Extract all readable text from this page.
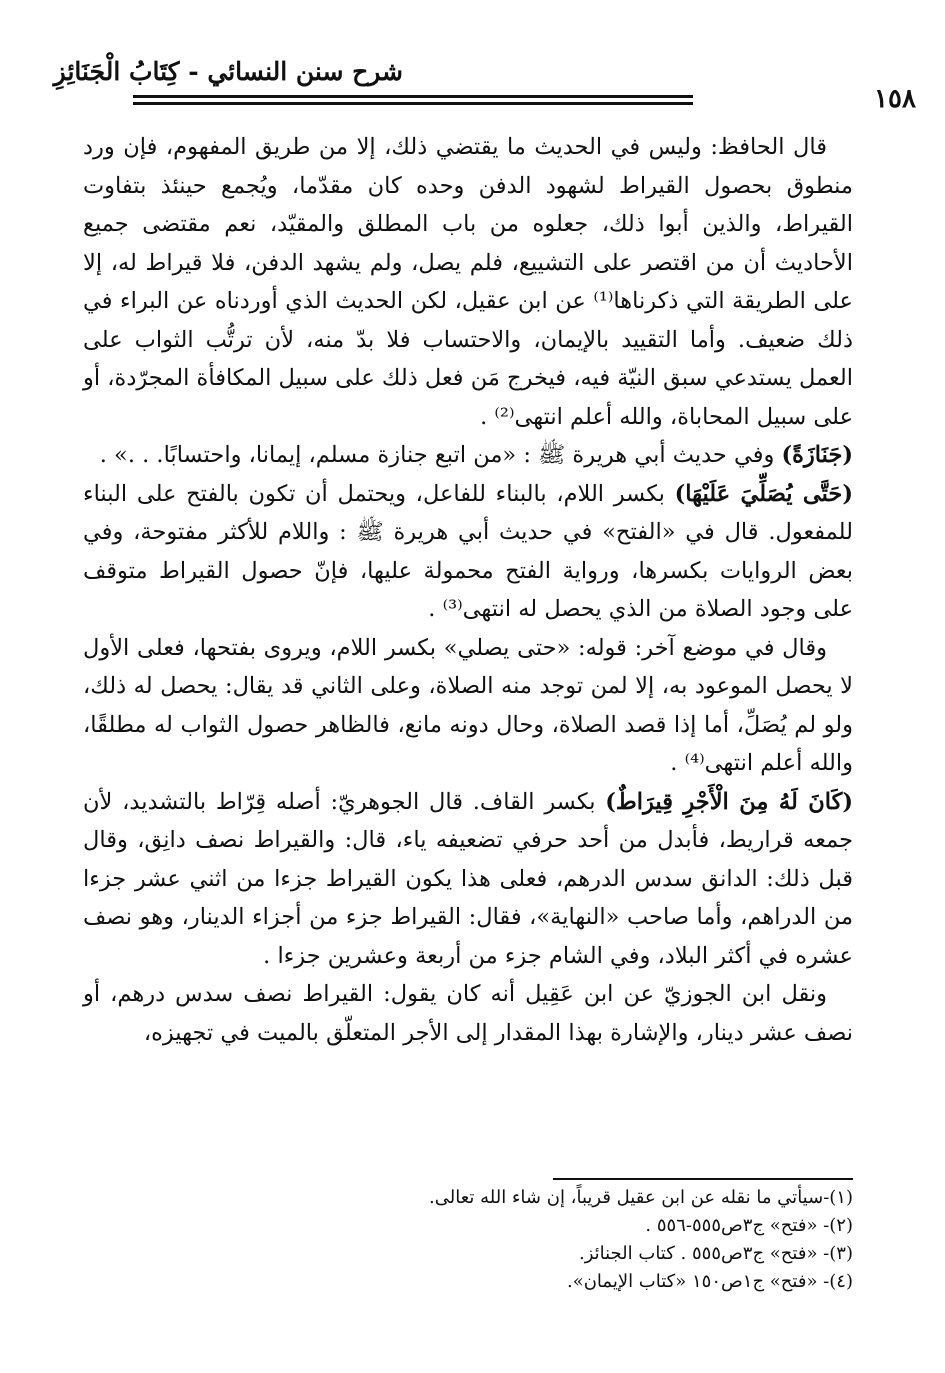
شرح سنن النسائي - كِتَابُ الْجَنَائِزِ
١٥٨

قال الحافظ: وليس في الحديث ما يقتضي ذلك، إلا من طريق المفهوم، فإن ورد منطوق بحصول القيراط لشهود الدفن وحده كان مقدّما، ويُجمع حينئذ بتفاوت القيراط، والذين أبوا ذلك، جعلوه من باب المطلق والمقيّد، نعم مقتضى جميع الأحاديث أن من اقتصر على التشييع، فلم يصل، ولم يشهد الدفن، فلا قيراط له، إلا على الطريقة التي ذكرناها⁽¹⁾ عن ابن عقيل، لكن الحديث الذي أوردناه عن البراء في ذلك ضعيف. وأما التقييد بالإيمان، والاحتساب فلا بدّ منه، لأن ترتُّب الثواب على العمل يستدعي سبق النيّة فيه، فيخرج مَن فعل ذلك على سبيل المكافأة المجرّدة، أو على سبيل المحاباة، والله أعلم انتهى⁽²⁾ .

(جَنَازَةً) وفي حديث أبي هريرة ﷺ : «من اتبع جنازة مسلم، إيمانا، واحتسابًا. . .» .

(حَتَّى يُصَلِّيَ عَلَيْهَا) بكسر اللام، بالبناء للفاعل، ويحتمل أن تكون بالفتح على البناء للمفعول. قال في «الفتح» في حديث أبي هريرة ﷺ : واللام للأكثر مفتوحة، وفي بعض الروايات بكسرها، ورواية الفتح محمولة عليها، فإنّ حصول القيراط متوقف على وجود الصلاة من الذي يحصل له انتهى⁽³⁾ .

وقال في موضع آخر: قوله: «حتى يصلي» بكسر اللام، ويروى بفتحها، فعلى الأول لا يحصل الموعود به، إلا لمن توجد منه الصلاة، وعلى الثاني قد يقال: يحصل له ذلك، ولو لم يُصَلِّ، أما إذا قصد الصلاة، وحال دونه مانع، فالظاهر حصول الثواب له مطلقًا، والله أعلم انتهى⁽⁴⁾ .

(كَانَ لَهُ مِنَ الْأَجْرِ قِيرَاطٌ) بكسر القاف. قال الجوهريّ: أصله قِرّاط بالتشديد، لأن جمعه قراريط، فأبدل من أحد حرفي تضعيفه ياء، قال: والقيراط نصف دانِق، وقال قبل ذلك: الدانق سدس الدرهم، فعلى هذا يكون القيراط جزءا من اثني عشر جزءا من الدراهم، وأما صاحب «النهاية»، فقال: القيراط جزء من أجزاء الدينار، وهو نصف عشره في أكثر البلاد، وفي الشام جزء من أربعة وعشرين جزءا .

ونقل ابن الجوزيّ عن ابن عَقِيل أنه كان يقول: القيراط نصف سدس درهم، أو نصف عشر دينار، والإشارة بهذا المقدار إلى الأجر المتعلّق بالميت في تجهيزه،

(١)-سيأتي ما نقله عن ابن عقيل قريباً، إن شاء الله تعالى.

(٢)- «فتح» ج٣ص٥٥٥-٥٥٦ .

(٣)- «فتح» ج٣ص٥٥٥ . كتاب الجنائز.

(٤)- «فتح» ج١ص١٥٠ «كتاب الإيمان».
